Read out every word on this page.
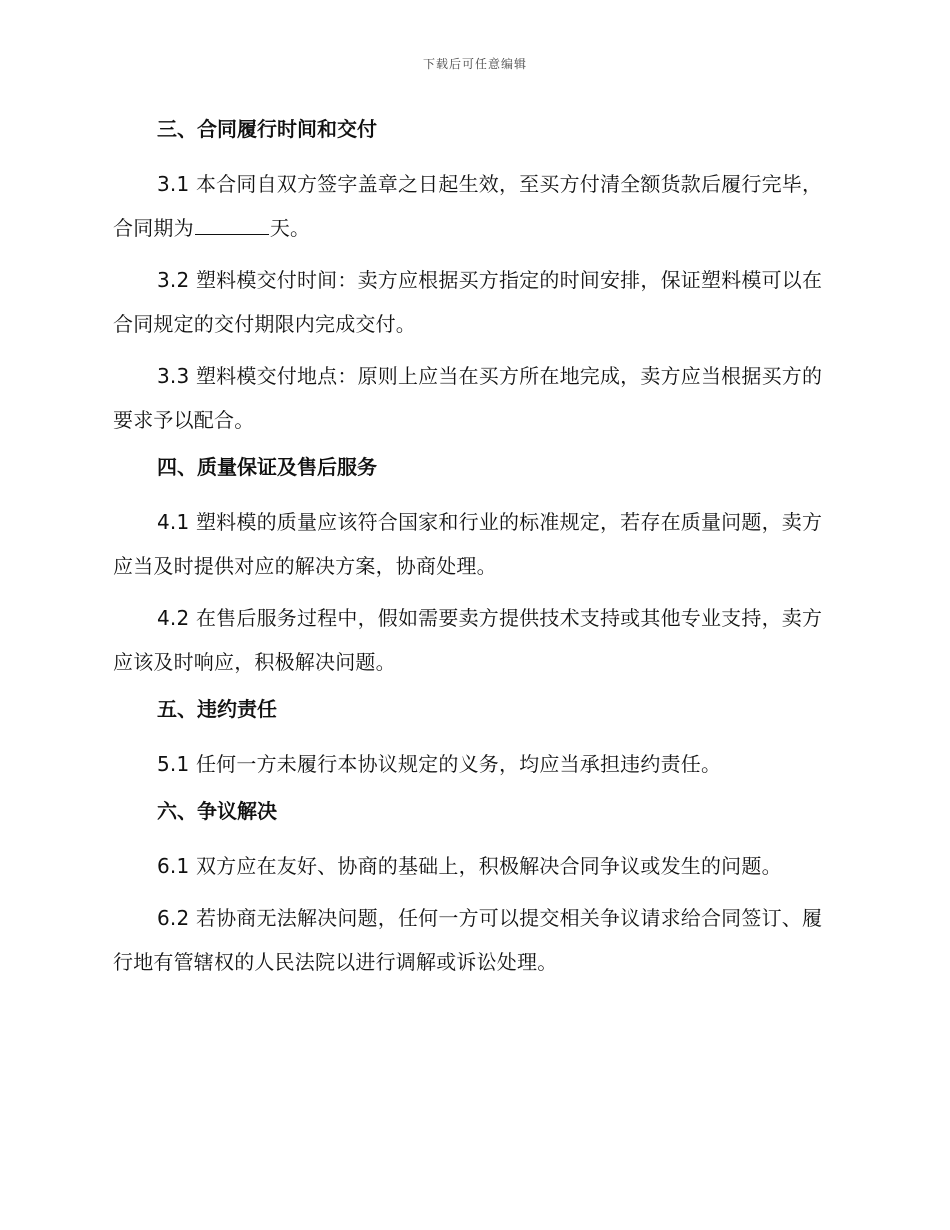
下载后可任意编辑
三、合同履行时间和交付

3.1 本合同自双方签字盖章之日起生效，至买方付清全额货款后履行完毕，合同期为	天。

3.2 塑料模交付时间：卖方应根据买方指定的时间安排，保证塑料模可以在合同规定的交付期限内完成交付。

3.3 塑料模交付地点：原则上应当在买方所在地完成，卖方应当根据买方的要求予以配合。

四、质量保证及售后服务

4.1 塑料模的质量应该符合国家和行业的标准规定，若存在质量问题，卖方应当及时提供对应的解决方案，协商处理。

4.2 在售后服务过程中，假如需要卖方提供技术支持或其他专业支持，卖方应该及时响应，积极解决问题。

五、违约责任

5.1 任何一方未履行本协议规定的义务，均应当承担违约责任。

六、争议解决

6.1 双方应在友好、协商的基础上，积极解决合同争议或发生的问题。

6.2 若协商无法解决问题，任何一方可以提交相关争议请求给合同签订、履行地有管辖权的人民法院以进行调解或诉讼处理。
